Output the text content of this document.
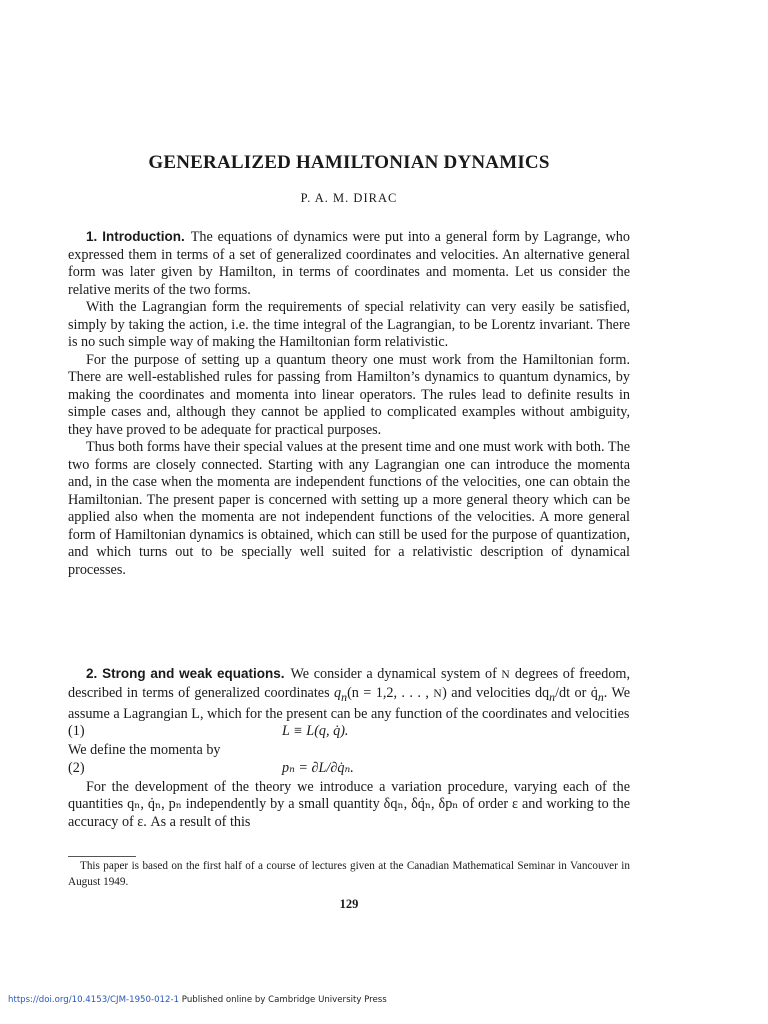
GENERALIZED HAMILTONIAN DYNAMICS
P. A. M. DIRAC

1. Introduction. The equations of dynamics were put into a general form by Lagrange, who expressed them in terms of a set of generalized coordinates and velocities. An alternative general form was later given by Hamilton, in terms of coordinates and momenta. Let us consider the relative merits of the two forms.

With the Lagrangian form the requirements of special relativity can very easily be satisfied, simply by taking the action, i.e. the time integral of the Lagrangian, to be Lorentz invariant. There is no such simple way of making the Hamiltonian form relativistic.

For the purpose of setting up a quantum theory one must work from the Hamiltonian form. There are well-established rules for passing from Hamilton’s dynamics to quantum dynamics, by making the coordinates and momenta into linear operators. The rules lead to definite results in simple cases and, although they cannot be applied to complicated examples without ambiguity, they have proved to be adequate for practical purposes.

Thus both forms have their special values at the present time and one must work with both. The two forms are closely connected. Starting with any Lagrangian one can introduce the momenta and, in the case when the momenta are independent functions of the velocities, one can obtain the Hamiltonian. The present paper is concerned with setting up a more general theory which can be applied also when the momenta are not independent functions of the velocities. A more general form of Hamiltonian dynamics is obtained, which can still be used for the purpose of quantization, and which turns out to be specially well suited for a relativistic description of dynamical processes.

2. Strong and weak equations. We consider a dynamical system of N degrees of freedom, described in terms of generalized coordinates $q_n(n = 1,2$, . . . , N) and velocities $dq_n/dt$ or $q̇_n$. We assume a Lagrangian L, which for the present can be any function of the coordinates and velocities

(1)	L ≡ L(q, q̇).

We define the momenta by

(2)	pₙ = ∂L/∂q̇ₙ.

For the development of the theory we introduce a variation procedure, varying each of the quantities qₙ, q̇ₙ, pₙ independently by a small quantity δqₙ, δq̇ₙ, δpₙ of order ε and working to the accuracy of ε. As a result of this

This paper is based on the first half of a course of lectures given at the Canadian Mathematical Seminar in Vancouver in August 1949.

129
https://doi.org/10.4153/CJM-1950-012-1 Published online by Cambridge University Press
